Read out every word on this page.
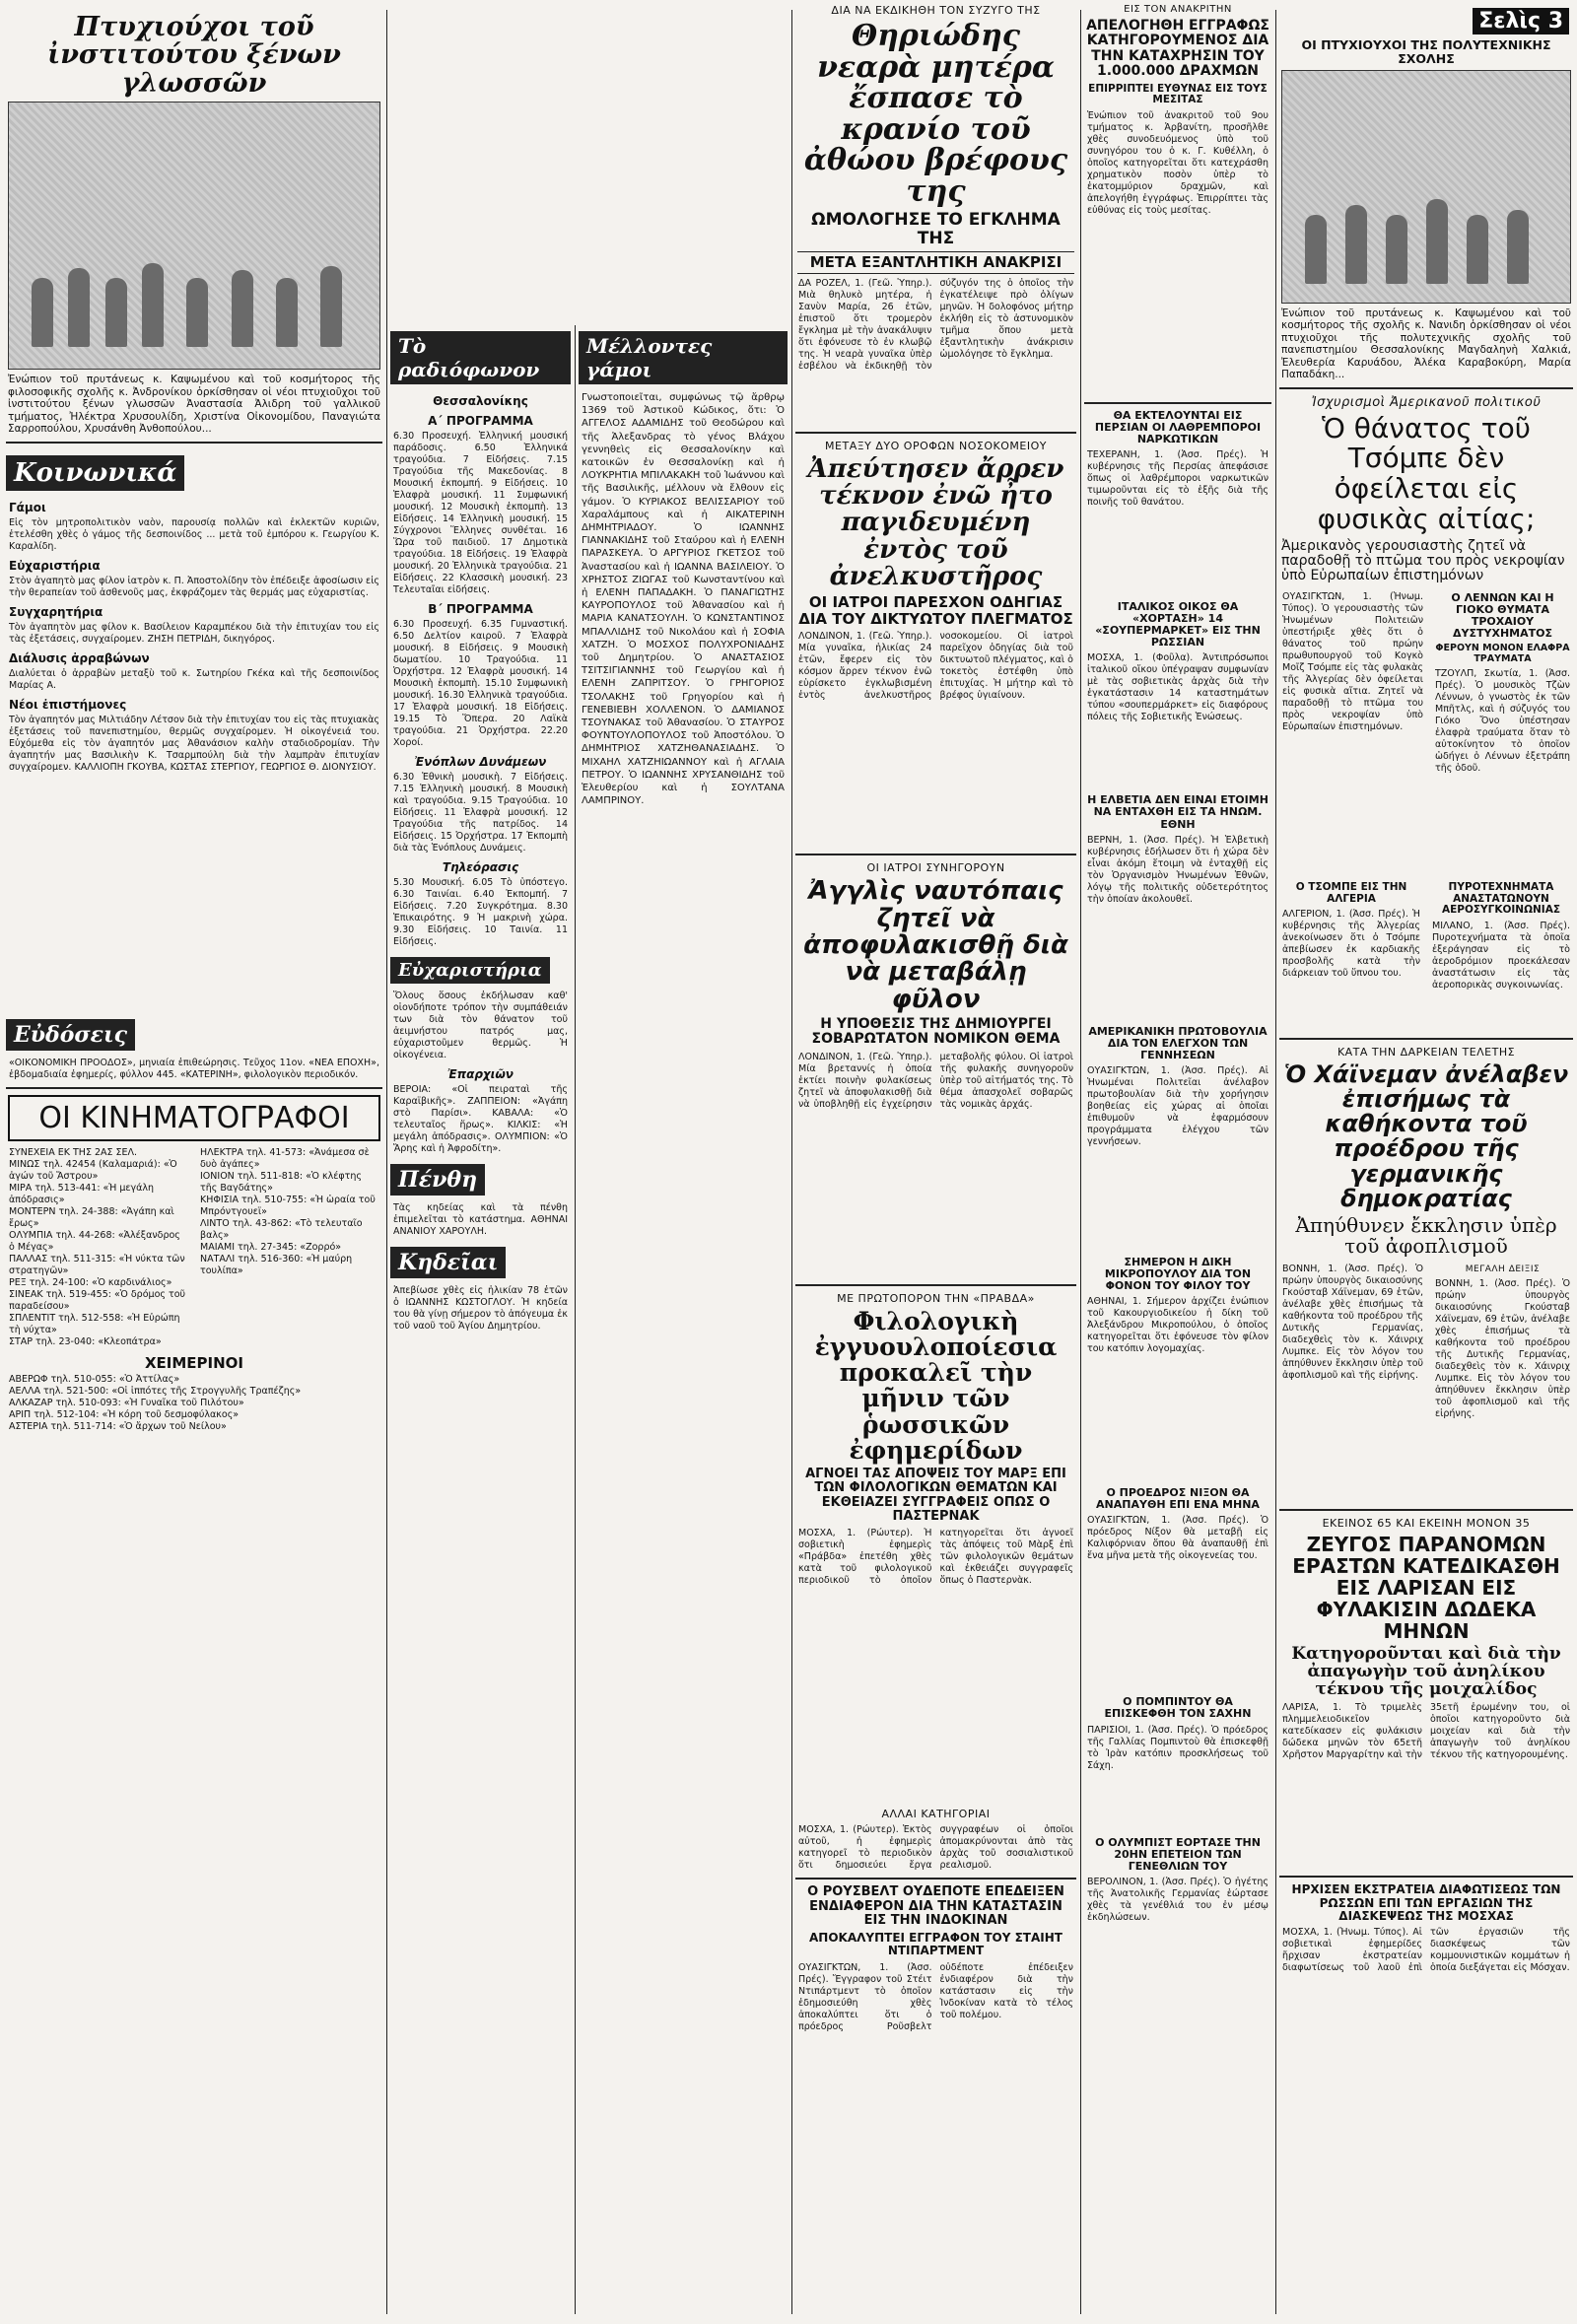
Πτυχιούχοι τοῦ ἰνστιτούτου ξένων γλωσσῶν
Ἐνώπιον τοῦ πρυτάνεως κ. Καψωμένου καὶ τοῦ κοσμήτορος τῆς φιλοσοφικῆς σχολῆς κ. Ἀνδρονίκου ὁρκίσθησαν οἱ νέοι πτυχιοῦχοι τοῦ ἰνστιτούτου ξένων γλωσσῶν Ἀναστασία Ἀλιδρη τοῦ γαλλικοῦ τμήματος, Ἠλέκτρα Χρυσουλίδη, Χριστίνα Οἰκονομίδου, Παναγιώτα Σαρροπούλου, Χρυσάνθη Ἀνθοπούλου...
Κοινωνικά
Γάμοι
Εἰς τὸν μητροπολιτικὸν ναὸν, παρουσίᾳ πολλῶν καὶ ἐκλεκτῶν κυριῶν, ἐτελέσθη χθὲς ὁ γάμος τῆς δεσποινίδος ... μετὰ τοῦ ἐμπόρου κ. Γεωργίου Κ. Καραλίδη.
Εὐχαριστήρια
Στὸν ἀγαπητὸ μας φίλον ἰατρὸν κ. Π. Ἀποστολίδην τὸν ἐπέδειξε ἀφοσίωσιν εἰς τὴν θεραπείαν τοῦ ἀσθενοῦς μας, ἐκφράζομεν τὰς θερμάς μας εὐχαριστίας.
Συγχαρητήρια
Τὸν ἀγαπητὸν μας φίλον κ. Βασίλειον Καραμπέκου διὰ τὴν ἐπιτυχίαν του εἰς τὰς ἐξετάσεις, συγχαίρομεν. ΖΗΣΗ ΠΕΤΡΙΔΗ, δικηγόρος.
Διάλυσις ἀρραβώνων
Διαλύεται ὁ ἀρραβὼν μεταξὺ τοῦ κ. Σωτηρίου Γκέκα καὶ τῆς δεσποινίδος Μαρίας Α.
Νέοι ἐπιστήμονες
Τὸν ἀγαπητόν μας Μιλτιάδην Λέτσον διὰ τὴν ἐπιτυχίαν του εἰς τὰς πτυχιακὰς ἐξετάσεις τοῦ πανεπιστημίου, θερμῶς συγχαίρομεν. Ἡ οἰκογένειά του. Εὐχόμεθα εἰς τὸν ἀγαπητόν μας Ἀθανάσιον καλὴν σταδιοδρομίαν. Τὴν ἀγαπητήν μας Βασιλικὴν Κ. Τσαρμπούλη διὰ τὴν λαμπρὰν ἐπιτυχίαν συγχαίρομεν. ΚΑΛΛΙΟΠΗ ΓΚΟΥΒΑ, ΚΩΣΤΑΣ ΣΤΕΡΓΙΟΥ, ΓΕΩΡΓΙΟΣ Θ. ΔΙΟΝΥΣΙΟΥ.
Εὐδόσεις
«ΟΙΚΟΝΟΜΙΚΗ ΠΡΟΟΔΟΣ», μηνιαία ἐπιθεώρησις. Τεῦχος 11ον. «ΝΕΑ ΕΠΟΧΗ», ἐβδομαδιαία ἐφημερίς, φύλλον 445. «ΚΑΤΕΡΙΝΗ», φιλολογικὸν περιοδικόν.
ΟΙ ΚΙΝΗΜΑΤΟΓΡΑΦΟΙ
ΣΥΝΕΧΕΙΑ ΕΚ ΤΗΣ 2ΑΣ ΣΕΛ.
ΜΙΝΩΣ τηλ. 42454 (Καλαμαριά): «Ὁ ἀγών τοῦ Ἄστρου»
ΜΙΡΑ τηλ. 513-441: «Ἡ μεγάλη ἀπόδρασις»
ΜΟΝΤΕΡΝ τηλ. 24-388: «Ἀγάπη καὶ ἔρως»
ΟΛΥΜΠΙΑ τηλ. 44-268: «Ἀλέξανδρος ὁ Μέγας»
ΠΑΛΛΑΣ τηλ. 511-315: «Ἡ νύκτα τῶν στρατηγῶν»
ΡΕΞ τηλ. 24-100: «Ὁ καρδινάλιος»
ΣΙΝΕΑΚ τηλ. 519-455: «Ὁ δρόμος τοῦ παραδείσου»
ΣΠΛΕΝΤΙΤ τηλ. 512-558: «Ἡ Εὐρώπη τὴ νύχτα»
ΣΤΑΡ τηλ. 23-040: «Κλεοπάτρα»
ΗΛΕΚΤΡΑ τηλ. 41-573: «Ἀνάμεσα σὲ δυὸ ἀγάπες»
ΙΟΝΙΟΝ τηλ. 511-818: «Ὁ κλέφτης τῆς Βαγδάτης»
ΚΗΦΙΣΙΑ τηλ. 510-755: «Ἡ ὡραία τοῦ Μπρόντγουεϊ»
ΛΙΝΤΟ τηλ. 43-862: «Τὸ τελευταῖο βαλς»
ΜΑΙΑΜΙ τηλ. 27-345: «Ζορρό»
ΝΑΤΑΛΙ τηλ. 516-360: «Ἡ μαύρη τουλίπα»
ΧΕΙΜΕΡΙΝΟΙ
ΑΒΕΡΩΦ τηλ. 510-055: «Ὁ Ἀττίλας»
ΑΕΛΛΑ τηλ. 521-500: «Οἱ ἱππότες τῆς Στρογγυλῆς Τραπέζης»
ΑΛΚΑΖΑΡ τηλ. 510-093: «Ἡ Γυναῖκα τοῦ Πιλότου»
ΑΡΙΠ τηλ. 512-104: «Ἡ κόρη τοῦ δεσμοφύλακος»
ΑΣΤΕΡΙΑ τηλ. 511-714: «Ὁ ἄρχων τοῦ Νείλου»
Τὸ ραδιόφωνον
Θεσσαλονίκης
Α΄ ΠΡΟΓΡΑΜΜΑ
6.30 Προσευχή. Ἑλληνική μουσική παράδοσις. 6.50 Ἑλληνικά τραγούδια. 7 Εἰδήσεις. 7.15 Τραγούδια τῆς Μακεδονίας. 8 Μουσική ἐκπομπή. 9 Εἰδήσεις. 10 Ἐλαφρὰ μουσική. 11 Συμφωνική μουσική. 12 Μουσικὴ ἐκπομπὴ. 13 Εἰδήσεις. 14 Ἑλληνικὴ μουσική. 15 Σύγχρονοι Ἕλληνες συνθέται. 16 Ὥρα τοῦ παιδιοῦ. 17 Δημοτικὰ τραγούδια. 18 Εἰδήσεις. 19 Ἐλαφρὰ μουσική. 20 Ἑλληνικὰ τραγούδια. 21 Εἰδήσεις. 22 Κλασσικὴ μουσική. 23 Τελευταῖαι εἰδήσεις.
Β΄ ΠΡΟΓΡΑΜΜΑ
6.30 Προσευχή. 6.35 Γυμναστική. 6.50 Δελτίον καιροῦ. 7 Ἐλαφρὰ μουσική. 8 Εἰδήσεις. 9 Μουσικὴ δωματίου. 10 Τραγούδια. 11 Ὀρχήστρα. 12 Ἐλαφρὰ μουσική. 14 Μουσικὴ ἐκπομπὴ. 15.10 Συμφωνικὴ μουσική. 16.30 Ἑλληνικὰ τραγούδια. 17 Ἐλαφρὰ μουσική. 18 Εἰδήσεις. 19.15 Τὸ Ὅπερα. 20 Λαϊκὰ τραγούδια. 21 Ὀρχήστρα. 22.20 Χοροί.
Ἐνόπλων Δυνάμεων
6.30 Ἐθνικὴ μουσικὴ. 7 Εἰδήσεις. 7.15 Ἑλληνικὴ μουσική. 8 Μουσικὴ καὶ τραγούδια. 9.15 Τραγούδια. 10 Εἰδήσεις. 11 Ἐλαφρὰ μουσική. 12 Τραγούδια τῆς πατρίδος. 14 Εἰδήσεις. 15 Ὀρχήστρα. 17 Ἐκπομπὴ διὰ τὰς Ἐνόπλους Δυνάμεις.
Τηλεόρασις
5.30 Μουσική. 6.05 Τὸ ὑπόστεγο. 6.30 Ταινίαι. 6.40 Ἐκπομπή. 7 Εἰδήσεις. 7.20 Συγκρότημα. 8.30 Ἐπικαιρότης. 9 Ἡ μακρινὴ χώρα. 9.30 Εἰδήσεις. 10 Ταινία. 11 Εἰδήσεις.
Εὐχαριστήρια
Ὅλους ὅσους ἐκδήλωσαν καθ' οἱονδήποτε τρόπον τὴν συμπάθειάν των διὰ τὸν θάνατον τοῦ ἀειμνήστου πατρός μας, εὐχαριστοῦμεν θερμῶς. Ἡ οἰκογένεια.
Ἐπαρχιῶν
ΒΕΡΟΙΑ: «Οἱ πειραταὶ τῆς Καραϊβικῆς». ΖΑΠΠΕΙΟΝ: «Ἀγάπη στὸ Παρίσι». ΚΑΒΑΛΑ: «Ὁ τελευταῖος ἥρως». ΚΙΛΚΙΣ: «Ἡ μεγάλη ἀπόδρασις». ΟΛΥΜΠΙΟΝ: «Ὁ Ἄρης καὶ ἡ Ἀφροδίτη».
Πένθη
Τὰς κηδείας καὶ τὰ πένθη ἐπιμελεῖται τὸ κατάστημα. ΑΘΗΝΑΙ ΑΝΑΝΙΟΥ ΧΑΡΟΥΛΗ.
Κηδεῖαι
Ἀπεβίωσε χθὲς εἰς ἡλικίαν 78 ἐτῶν ὁ ΙΩΑΝΝΗΣ ΚΩΣΤΟΓΛΟΥ. Ἡ κηδεία του θὰ γίνῃ σήμερον τὸ ἀπόγευμα ἐκ τοῦ ναοῦ τοῦ Ἁγίου Δημητρίου.
Μέλλοντες γάμοι
Γνωστοποιεῖται, συμφώνως τῷ ἄρθρῳ 1369 τοῦ Ἀστικοῦ Κώδικος, ὅτι: Ὁ ΑΓΓΕΛΟΣ ΑΔΑΜΙΔΗΣ τοῦ Θεοδώρου καὶ τῆς Ἀλεξανδρας τὸ γένος Βλάχου γεννηθεὶς εἰς Θεσσαλονίκην καὶ κατοικῶν ἐν Θεσσαλονίκῃ καὶ ἡ ΛΟΥΚΡΗΤΙΑ ΜΠΙΛΑΚΑΚΗ τοῦ Ἰωάννου καὶ τῆς Βασιλικῆς, μέλλουν νὰ ἔλθουν εἰς γάμον. Ὁ ΚΥΡΙΑΚΟΣ ΒΕΛΙΣΣΑΡΙΟΥ τοῦ Χαραλάμπους καὶ ἡ ΑΙΚΑΤΕΡΙΝΗ ΔΗΜΗΤΡΙΑΔΟΥ. Ὁ ΙΩΑΝΝΗΣ ΓΙΑΝΝΑΚΙΔΗΣ τοῦ Σταύρου καὶ ἡ ΕΛΕΝΗ ΠΑΡΑΣΚΕΥΑ. Ὁ ΑΡΓΥΡΙΟΣ ΓΚΕΤΣΟΣ τοῦ Ἀναστασίου καὶ ἡ ΙΩΑΝΝΑ ΒΑΣΙΛΕΙΟΥ. Ὁ ΧΡΗΣΤΟΣ ΖΙΩΓΑΣ τοῦ Κωνσταντίνου καὶ ἡ ΕΛΕΝΗ ΠΑΠΑΔΑΚΗ. Ὁ ΠΑΝΑΓΙΩΤΗΣ ΚΑΥΡΟΠΟΥΛΟΣ τοῦ Ἀθανασίου καὶ ἡ ΜΑΡΙΑ ΚΑΝΑΤΣΟΥΛΗ. Ὁ ΚΩΝΣΤΑΝΤΙΝΟΣ ΜΠΑΛΛΙΔΗΣ τοῦ Νικολάου καὶ ἡ ΣΟΦΙΑ ΧΑΤΖΗ. Ὁ ΜΟΣΧΟΣ ΠΟΛΥΧΡΟΝΙΑΔΗΣ τοῦ Δημητρίου. Ὁ ΑΝΑΣΤΑΣΙΟΣ ΤΣΙΤΣΙΓΙΑΝΝΗΣ τοῦ Γεωργίου καὶ ἡ ΕΛΕΝΗ ΖΑΠΡΙΤΣΟΥ. Ὁ ΓΡΗΓΟΡΙΟΣ ΤΣΟΛΑΚΗΣ τοῦ Γρηγορίου καὶ ἡ ΓΕΝΕΒΙΕΒΗ ΧΟΛΛΕΝΟΝ. Ὁ ΔΑΜΙΑΝΟΣ ΤΣΟΥΝΑΚΑΣ τοῦ Ἀθανασίου. Ὁ ΣΤΑΥΡΟΣ ΦΟΥΝΤΟΥΛΟΠΟΥΛΟΣ τοῦ Ἀποστόλου. Ὁ ΔΗΜΗΤΡΙΟΣ ΧΑΤΖΗΘΑΝΑΣΙΑΔΗΣ. Ὁ ΜΙΧΑΗΛ ΧΑΤΖΗΙΩΑΝΝΟΥ καὶ ἡ ΑΓΛΑΙΑ ΠΕΤΡΟΥ. Ὁ ΙΩΑΝΝΗΣ ΧΡΥΣΑΝΘΙΔΗΣ τοῦ Ἐλευθερίου καὶ ἡ ΣΟΥΛΤΑΝΑ ΛΑΜΠΡΙΝΟΥ.
ΔΙΑ ΝΑ ΕΚΔΙΚΗΘΗ ΤΟΝ ΣΥΖΥΓΟ ΤΗΣ
Θηριώδης νεαρὰ μητέρα ἔσπασε τὸ κρανίο τοῦ ἀθώου βρέφους της
ΩΜΟΛΟΓΗΣΕ ΤΟ ΕΓΚΛΗΜΑ ΤΗΣ
ΜΕΤΑ ΕΞΑΝΤΛΗΤΙΚΗ ΑΝΑΚΡΙΣΙ
ΔΑ ΡΟΖΕΛ, 1. (Γεῶ. Ὑπηρ.). Μιὰ θηλυκὸ μητέρα, ἡ Σανὺν Μαρία, 26 ἐτῶν, ἐπιστοῦ ὅτι τρομερὸν ἔγκλημα μὲ τὴν ἀνακάλυψιν ὅτι ἐφόνευσε τὸ ἐν κλωβῷ της. Ἡ νεαρὰ γυναῖκα ὑπὲρ ἐσβέλου νὰ ἐκδικηθῇ τὸν σύζυγόν της ὁ ὁποῖος τὴν ἐγκατέλειψε πρὸ ὀλίγων μηνῶν. Ἡ δολοφόνος μήτηρ ἐκλήθη εἰς τὸ ἀστυνομικὸν τμῆμα ὅπου μετὰ ἐξαντλητικὴν ἀνάκρισιν ὡμολόγησε τὸ ἔγκλημα.
ΜΕΤΑΞΥ ΔΥΟ ΟΡΟΦΩΝ ΝΟΣΟΚΟΜΕΙΟΥ
Ἀπεύτησεν ἄρρεν τέκνον ἐνῶ ἦτο παγιδευμένη ἐντὸς τοῦ ἀνελκυστῆρος
ΟΙ ΙΑΤΡΟΙ ΠΑΡΕΣΧΟΝ ΟΔΗΓΙΑΣ ΔΙΑ ΤΟΥ ΔΙΚΤΥΩΤΟΥ ΠΛΕΓΜΑΤΟΣ
ΛΟΝΔΙΝΟΝ, 1. (Γεῶ. Ὑπηρ.). Μία γυναῖκα, ἡλικίας 24 ἐτῶν, ἔφερεν εἰς τὸν κόσμον ἄρρεν τέκνον ἐνῶ εὑρίσκετο ἐγκλωβισμένη ἐντὸς ἀνελκυστῆρος νοσοκομείου. Οἱ ἰατροὶ παρεῖχον ὁδηγίας διὰ τοῦ δικτυωτοῦ πλέγματος, καὶ ὁ τοκετὸς ἐστέφθη ὑπὸ ἐπιτυχίας. Ἡ μήτηρ καὶ τὸ βρέφος ὑγιαίνουν.
ΟΙ ΙΑΤΡΟΙ ΣΥΝΗΓΟΡΟΥΝ
Ἀγγλὶς ναυτόπαις ζητεῖ νὰ ἀποφυλακισθῇ διὰ νὰ μεταβάλῃ φῦλον
Η ΥΠΟΘΕΣΙΣ ΤΗΣ ΔΗΜΙΟΥΡΓΕΙ ΣΟΒΑΡΩΤΑΤΟΝ ΝΟΜΙΚΟΝ ΘΕΜΑ
ΛΟΝΔΙΝΟΝ, 1. (Γεῶ. Ὑπηρ.). Μία βρεταννίς ἡ ὁποία ἐκτίει ποινὴν φυλακίσεως ζητεῖ νὰ ἀποφυλακισθῇ διὰ νὰ ὑποβληθῇ εἰς ἐγχείρησιν μεταβολῆς φύλου. Οἱ ἰατροὶ τῆς φυλακῆς συνηγοροῦν ὑπὲρ τοῦ αἰτήματός της. Τὸ θέμα ἀπασχολεῖ σοβαρῶς τὰς νομικὰς ἀρχάς.
ΜΕ ΠΡΩΤΟΠΟΡΟΝ ΤΗΝ «ΠΡΑΒΔΑ»
Φιλολογικὴ ἐγγυουλοποίεσια προκαλεῖ τὴν μῆνιν τῶν ῥωσσικῶν ἐφημερίδων
ΑΓΝΟΕΙ ΤΑΣ ΑΠΟΨΕΙΣ ΤΟΥ ΜΑΡΞ ΕΠΙ ΤΩΝ ΦΙΛΟΛΟΓΙΚΩΝ ΘΕΜΑΤΩΝ ΚΑΙ ΕΚΘΕΙΑΖΕΙ ΣΥΓΓΡΑΦΕΙΣ ΟΠΩΣ Ο ΠΑΣΤΕΡΝΑΚ
ΜΟΣΧΑ, 1. (Ρώυτερ). Ἡ σοβιετικὴ ἐφημερὶς «Πράβδα» ἐπετέθη χθὲς κατὰ τοῦ φιλολογικοῦ περιοδικοῦ τὸ ὁποῖον κατηγορεῖται ὅτι ἀγνοεῖ τὰς ἀπόψεις τοῦ Μὰρξ ἐπὶ τῶν φιλολογικῶν θεμάτων καὶ ἐκθειάζει συγγραφεῖς ὅπως ὁ Παστερνὰκ.
ΑΛΛΑΙ ΚΑΤΗΓΟΡΙΑΙ
ΜΟΣΧΑ, 1. (Ρώυτερ). Ἐκτὸς αὐτοῦ, ἡ ἐφημερὶς κατηγορεῖ τὸ περιοδικὸν ὅτι δημοσιεύει ἔργα συγγραφέων οἱ ὁποῖοι ἀπομακρύνονται ἀπὸ τὰς ἀρχὰς τοῦ σοσιαλιστικοῦ ρεαλισμοῦ.
Ο ΡΟΥΣΒΕΛΤ ΟΥΔΕΠΟΤΕ ΕΠΕΔΕΙΞΕΝ ΕΝΔΙΑΦΕΡΟΝ ΔΙΑ ΤΗΝ ΚΑΤΑΣΤΑΣΙΝ ΕΙΣ ΤΗΝ ΙΝΔΟΚΙΝΑΝ
ΑΠΟΚΑΛΥΠΤΕΙ ΕΓΓΡΑΦΟΝ ΤΟΥ ΣΤΑΙΗΤ ΝΤΙΠΑΡΤΜΕΝΤ
ΟΥΑΣΙΓΚΤΩΝ, 1. (Ἀσσ. Πρές). Ἔγγραφον τοῦ Στέιτ Ντιπάρτμεντ τὸ ὁποῖον ἐδημοσιεύθη χθὲς ἀποκαλύπτει ὅτι ὁ πρόεδρος Ροῦσβελτ οὐδέποτε ἐπέδειξεν ἐνδιαφέρον διὰ τὴν κατάστασιν εἰς τὴν Ἰνδοκίναν κατὰ τὸ τέλος τοῦ πολέμου.
ΕΙΣ ΤΟΝ ΑΝΑΚΡΙΤΗΝ
ΑΠΕΛΟΓΗΘΗ ΕΓΓΡΑΦΩΣ ΚΑΤΗΓΟΡΟΥΜΕΝΟΣ ΔΙΑ ΤΗΝ ΚΑΤΑΧΡΗΣΙΝ ΤΟΥ 1.000.000 ΔΡΑΧΜΩΝ
ΕΠΙΡΡΙΠΤΕΙ ΕΥΘΥΝΑΣ ΕΙΣ ΤΟΥΣ ΜΕΣΙΤΑΣ
Ἐνώπιον τοῦ ἀνακριτοῦ τοῦ 9ου τμήματος κ. Ἀρβανίτη, προσῆλθε χθὲς συνοδευόμενος ὑπὸ τοῦ συνηγόρου του ὁ κ. Γ. Κυθέλλη, ὁ ὁποῖος κατηγορεῖται ὅτι κατεχράσθη χρηματικὸν ποσὸν ὑπὲρ τὸ ἑκατομμύριον δραχμῶν, καὶ ἀπελογήθη ἐγγράφως. Ἐπιρρίπτει τὰς εὐθύνας εἰς τοὺς μεσίτας.
ΘΑ ΕΚΤΕΛΟΥΝΤΑΙ ΕΙΣ ΠΕΡΣΙΑΝ ΟΙ ΛΑΘΡΕΜΠΟΡΟΙ ΝΑΡΚΩΤΙΚΩΝ
ΤΕΧΕΡΑΝΗ, 1. (Ἀσσ. Πρές). Ἡ κυβέρνησις τῆς Περσίας ἀπεφάσισε ὅπως οἱ λαθρέμποροι ναρκωτικῶν τιμωροῦνται εἰς τὸ ἑξῆς διὰ τῆς ποινῆς τοῦ θανάτου.
ΙΤΑΛΙΚΟΣ ΟΙΚΟΣ ΘΑ «ΧΟΡΤΑΣΗ» 14 «ΣΟΥΠΕΡΜΑΡΚΕΤ» ΕΙΣ ΤΗΝ ΡΩΣΣΙΑΝ
ΜΟΣΧΑ, 1. (Φοῦλα). Ἀντιπρόσωποι ἰταλικοῦ οἴκου ὑπέγραψαν συμφωνίαν μὲ τὰς σοβιετικὰς ἀρχὰς διὰ τὴν ἐγκατάστασιν 14 καταστημάτων τύπου «σουπερμάρκετ» εἰς διαφόρους πόλεις τῆς Σοβιετικῆς Ἑνώσεως.
Η ΕΛΒΕΤΙΑ ΔΕΝ ΕΙΝΑΙ ΕΤΟΙΜΗ ΝΑ ΕΝΤΑΧΘΗ ΕΙΣ ΤΑ ΗΝΩΜ. ΕΘΝΗ
ΒΕΡΝΗ, 1. (Ἀσσ. Πρές). Ἡ Ἑλβετικὴ κυβέρνησις ἐδήλωσεν ὅτι ἡ χώρα δὲν εἶναι ἀκόμη ἕτοιμη νὰ ἐνταχθῇ εἰς τὸν Ὀργανισμὸν Ἡνωμένων Ἐθνῶν, λόγῳ τῆς πολιτικῆς οὐδετερότητος τὴν ὁποίαν ἀκολουθεῖ.
ΑΜΕΡΙΚΑΝΙΚΗ ΠΡΩΤΟΒΟΥΛΙΑ ΔΙΑ ΤΟΝ ΕΛΕΓΧΟΝ ΤΩΝ ΓΕΝΝΗΣΕΩΝ
ΟΥΑΣΙΓΚΤΩΝ, 1. (Ἀσσ. Πρές). Αἱ Ἡνωμέναι Πολιτεῖαι ἀνέλαβον πρωτοβουλίαν διὰ τὴν χορήγησιν βοηθείας εἰς χώρας αἱ ὁποῖαι ἐπιθυμοῦν νὰ ἐφαρμόσουν προγράμματα ἐλέγχου τῶν γεννήσεων.
ΣΗΜΕΡΟΝ Η ΔΙΚΗ ΜΙΚΡΟΠΟΥΛΟΥ ΔΙΑ ΤΟΝ ΦΟΝΟΝ ΤΟΥ ΦΙΛΟΥ ΤΟΥ
ΑΘΗΝΑΙ, 1. Σήμερον ἀρχίζει ἐνώπιον τοῦ Κακουργιοδικείου ἡ δίκη τοῦ Ἀλεξάνδρου Μικροπούλου, ὁ ὁποῖος κατηγορεῖται ὅτι ἐφόνευσε τὸν φίλον του κατόπιν λογομαχίας.
Ο ΠΡΟΕΔΡΟΣ ΝΙΞΟΝ ΘΑ ΑΝΑΠΑΥΘΗ ΕΠΙ ΕΝΑ ΜΗΝΑ
ΟΥΑΣΙΓΚΤΩΝ, 1. (Ἀσσ. Πρές). Ὁ πρόεδρος Νίξον θὰ μεταβῇ εἰς Καλιφόρνιαν ὅπου θὰ ἀναπαυθῇ ἐπὶ ἕνα μῆνα μετὰ τῆς οἰκογενείας του.
Ο ΠΟΜΠΙΝΤΟΥ ΘΑ ΕΠΙΣΚΕΦΘΗ ΤΟΝ ΣΑΧΗΝ
ΠΑΡΙΣΙΟΙ, 1. (Ἀσσ. Πρές). Ὁ πρόεδρος τῆς Γαλλίας Πομπιντοὺ θὰ ἐπισκεφθῇ τὸ Ἰρὰν κατόπιν προσκλήσεως τοῦ Σάχη.
Ο ΟΛΥΜΠΙΣΤ ΕΟΡΤΑΣΕ ΤΗΝ 20ΗΝ ΕΠΕΤΕΙΟΝ ΤΩΝ ΓΕΝΕΘΛΙΩΝ ΤΟΥ
ΒΕΡΟΛΙΝΟΝ, 1. (Ἀσσ. Πρές). Ὁ ἡγέτης τῆς Ἀνατολικῆς Γερμανίας ἑώρτασε χθὲς τὰ γενέθλιά του ἐν μέσῳ ἐκδηλώσεων.
Σελὶς 3
ΟΙ ΠΤΥΧΙΟΥΧΟΙ ΤΗΣ ΠΟΛΥΤΕΧΝΙΚΗΣ ΣΧΟΛΗΣ
Ἐνώπιον τοῦ πρυτάνεως κ. Καψωμένου καὶ τοῦ κοσμήτορος τῆς σχολῆς κ. Νανιδη ὁρκίσθησαν οἱ νέοι πτυχιοῦχοι τῆς πολυτεχνικῆς σχολῆς τοῦ πανεπιστημίου Θεσσαλονίκης Μαγδαληνὴ Χαλκιά, Ἐλευθερία Καρυάδου, Ἀλέκα Καραβοκύρη, Μαρία Παπαδάκη...
Ἰσχυρισμοὶ Ἀμερικανοῦ πολιτικοῦ
Ὁ θάνατος τοῦ Τσόμπε δὲν ὀφείλεται εἰς φυσικὰς αἰτίας;
Ἀμερικανὸς γερουσιαστὴς ζητεῖ νὰ παραδοθῇ τὸ πτῶμα του πρὸς νεκροψίαν ὑπὸ Εὐρωπαίων ἐπιστημόνων
ΟΥΑΣΙΓΚΤΩΝ, 1. (Ἡνωμ. Τύπος). Ὁ γερουσιαστὴς τῶν Ἡνωμένων Πολιτειῶν ὑπεστήριξε χθὲς ὅτι ὁ θάνατος τοῦ πρώην πρωθυπουργοῦ τοῦ Κογκὸ Μοῖζ Τσόμπε εἰς τὰς φυλακὰς τῆς Ἀλγερίας δὲν ὀφείλεται εἰς φυσικὰ αἴτια. Ζητεῖ νὰ παραδοθῇ τὸ πτῶμα του πρὸς νεκροψίαν ὑπὸ Εὐρωπαίων ἐπιστημόνων.
Ο ΛΕΝΝΩΝ ΚΑΙ Η ΓΙΟΚΟ ΘΥΜΑΤΑ ΤΡΟΧΑΙΟΥ ΔΥΣΤΥΧΗΜΑΤΟΣ
ΦΕΡΟΥΝ ΜΟΝΟΝ ΕΛΑΦΡΑ ΤΡΑΥΜΑΤΑ
ΤΖΟΥΛΠ, Σκωτία, 1. (Ἀσσ. Πρές). Ὁ μουσικὸς Τζὼν Λέννων, ὁ γνωστὸς ἐκ τῶν Μπῆτλς, καὶ ἡ σύζυγός του Γιόκο Ὄνο ὑπέστησαν ἐλαφρὰ τραύματα ὅταν τὸ αὐτοκίνητον τὸ ὁποῖον ὡδήγει ὁ Λέννων ἐξετράπη τῆς ὁδοῦ.
Ο ΤΣΟΜΠΕ ΕΙΣ ΤΗΝ ΑΛΓΕΡΙΑ
ΑΛΓΕΡΙΟΝ, 1. (Ἀσσ. Πρές). Ἡ κυβέρνησις τῆς Ἀλγερίας ἀνεκοίνωσεν ὅτι ὁ Τσόμπε ἀπεβίωσεν ἐκ καρδιακῆς προσβολῆς κατὰ τὴν διάρκειαν τοῦ ὕπνου του.
ΠΥΡΟΤΕΧΝΗΜΑΤΑ ΑΝΑΣΤΑΤΩΝΟΥΝ ΑΕΡΟΣΥΓΚΟΙΝΩΝΙΑΣ
ΜΙΛΑΝΟ, 1. (Ἀσσ. Πρές). Πυροτεχνήματα τὰ ὁποῖα ἐξεράγησαν εἰς τὸ ἀεροδρόμιον προεκάλεσαν ἀναστάτωσιν εἰς τὰς ἀεροπορικὰς συγκοινωνίας.
ΚΑΤΑ ΤΗΝ ΔΑΡΚΕΙΑΝ ΤΕΛΕΤΗΣ
Ὁ Χάϊνεμαν ἀνέλαβεν ἐπισήμως τὰ καθήκοντα τοῦ προέδρου τῆς γερμανικῆς δημοκρατίας
Ἀπηύθυνεν ἔκκλησιν ὑπὲρ τοῦ ἀφοπλισμοῦ
ΒΟΝΝΗ, 1. (Ἀσσ. Πρές). Ὁ πρώην ὑπουργὸς δικαιοσύνης Γκούσταβ Χάϊνεμαν, 69 ἐτῶν, ἀνέλαβε χθὲς ἐπισήμως τὰ καθήκοντα τοῦ προέδρου τῆς Δυτικῆς Γερμανίας, διαδεχθεὶς τὸν κ. Χάινριχ Λυμπκε. Εἰς τὸν λόγον του ἀπηύθυνεν ἔκκλησιν ὑπὲρ τοῦ ἀφοπλισμοῦ καὶ τῆς εἰρήνης.
ΜΕΓΑΛΗ ΔΕΙΞΙΣ
ΒΟΝΝΗ, 1. (Ἀσσ. Πρές). Ὁ πρώην ὑπουργὸς δικαιοσύνης Γκούσταβ Χάϊνεμαν, 69 ἐτῶν, ἀνέλαβε χθὲς ἐπισήμως τὰ καθήκοντα τοῦ προέδρου τῆς Δυτικῆς Γερμανίας, διαδεχθεὶς τὸν κ. Χάινριχ Λυμπκε. Εἰς τὸν λόγον του ἀπηύθυνεν ἔκκλησιν ὑπὲρ τοῦ ἀφοπλισμοῦ καὶ τῆς εἰρήνης.
ΕΚΕΙΝΟΣ 65 ΚΑΙ ΕΚΕΙΝΗ ΜΟΝΟΝ 35
ΖΕΥΓΟΣ ΠΑΡΑΝΟΜΩΝ ΕΡΑΣΤΩΝ ΚΑΤΕΔΙΚΑΣΘΗ ΕΙΣ ΛΑΡΙΣΑΝ ΕΙΣ ΦΥΛΑΚΙΣΙΝ ΔΩΔΕΚΑ ΜΗΝΩΝ
Κατηγοροῦνται καὶ διὰ τὴν ἀπαγωγὴν τοῦ ἀνηλίκου τέκνου τῆς μοιχαλίδος
ΛΑΡΙΣΑ, 1. Τὸ τριμελὲς πλημμελειοδικεῖον κατεδίκασεν εἰς φυλάκισιν δώδεκα μηνῶν τὸν 65ετῆ Χρῆστον Μαργαρίτην καὶ τὴν 35ετῆ ἐρωμένην του, οἱ ὁποῖοι κατηγοροῦντο διὰ μοιχείαν καὶ διὰ τὴν ἀπαγωγὴν τοῦ ἀνηλίκου τέκνου τῆς κατηγορουμένης.
ΗΡΧΙΣΕΝ ΕΚΣΤΡΑΤΕΙΑ ΔΙΑΦΩΤΙΣΕΩΣ ΤΩΝ ΡΩΣΣΩΝ ΕΠΙ ΤΩΝ ΕΡΓΑΣΙΩΝ ΤΗΣ ΔΙΑΣΚΕΨΕΩΣ ΤΗΣ ΜΟΣΧΑΣ
ΜΟΣΧΑ, 1. (Ἡνωμ. Τύπος). Αἱ σοβιετικαὶ ἐφημερίδες ἤρχισαν ἐκστρατείαν διαφωτίσεως τοῦ λαοῦ ἐπὶ τῶν ἐργασιῶν τῆς διασκέψεως τῶν κομμουνιστικῶν κομμάτων ἡ ὁποία διεξάγεται εἰς Μόσχαν.
